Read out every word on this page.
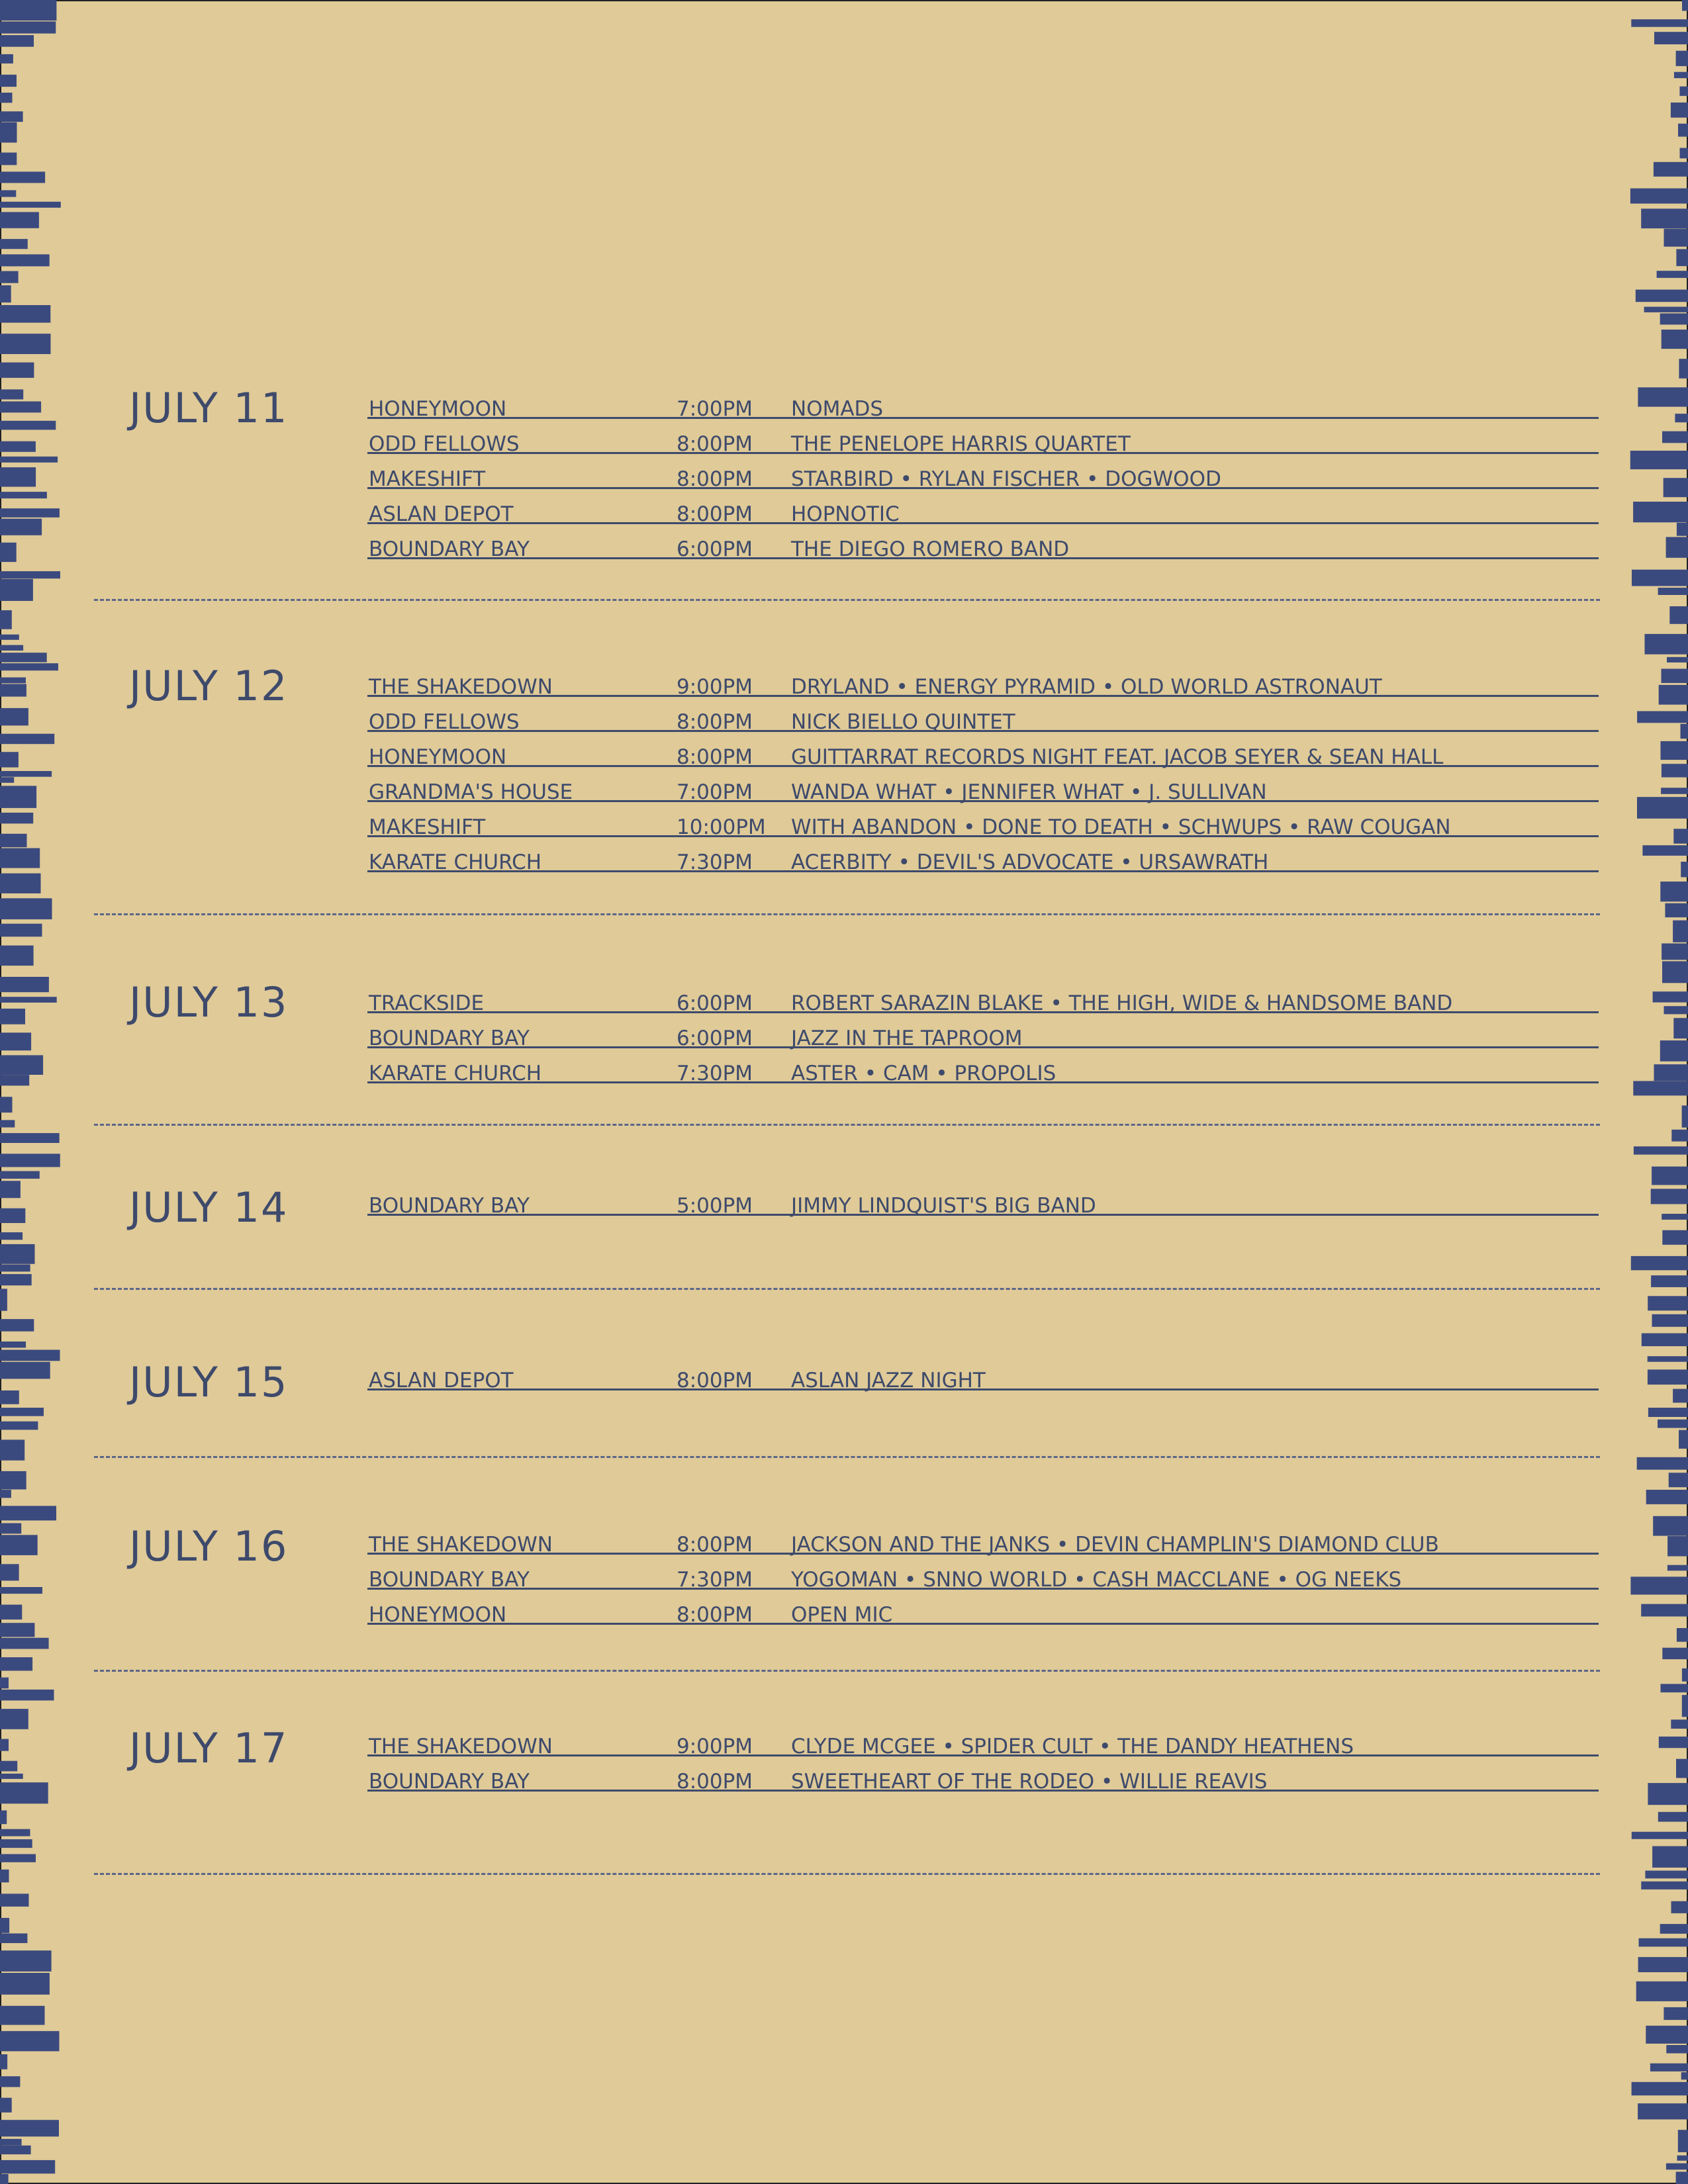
JULY 11	HONEYMOON	7:00PM NOMADS
ODD FELLOWS	8:00PM THE PENELOPE HARRIS QUARTET
MAKESHIFT	8:00PM STARBIRD • RYLAN FISCHER • DOGWOOD
ASLAN DEPOT	8:00PM HOPNOTIC
BOUNDARY BAY	6:00PM THE DIEGO ROMERO BAND
JULY 12	THE SHAKEDOWN	9:00PM DRYLAND • ENERGY PYRAMID • OLD WORLD ASTRONAUT
ODD FELLOWS	8:00PM NICK BIELLO QUINTET
HONEYMOON	8:00PM GUITTARRAT RECORDS NIGHT FEAT. JACOB SEYER & SEAN HALL
GRANDMA'S HOUSE	7:00PM WANDA WHAT • JENNIFER WHAT • J. SULLIVAN
MAKESHIFT	10:00PM WITH ABANDON • DONE TO DEATH • SCHWUPS • RAW COUGAN
KARATE CHURCH	7:30PM ACERBITY • DEVIL'S ADVOCATE • URSAWRATH
JULY 13	TRACKSIDE	6:00PM ROBERT SARAZIN BLAKE • THE HIGH, WIDE & HANDSOME BAND
BOUNDARY BAY	6:00PM JAZZ IN THE TAPROOM
KARATE CHURCH	7:30PM ASTER • CAM • PROPOLIS
JULY 14	BOUNDARY BAY	5:00PM JIMMY LINDQUIST'S BIG BAND
JULY 15	ASLAN DEPOT	8:00PM ASLAN JAZZ NIGHT
JULY 16	THE SHAKEDOWN	8:00PM JACKSON AND THE JANKS • DEVIN CHAMPLIN'S DIAMOND CLUB
BOUNDARY BAY	7:30PM YOGOMAN • SNNO WORLD • CASH MACCLANE • OG NEEKS
HONEYMOON	8:00PM OPEN MIC
JULY 17	THE SHAKEDOWN	9:00PM CLYDE MCGEE • SPIDER CULT • THE DANDY HEATHENS
BOUNDARY BAY	8:00PM SWEETHEART OF THE RODEO • WILLIE REAVIS
